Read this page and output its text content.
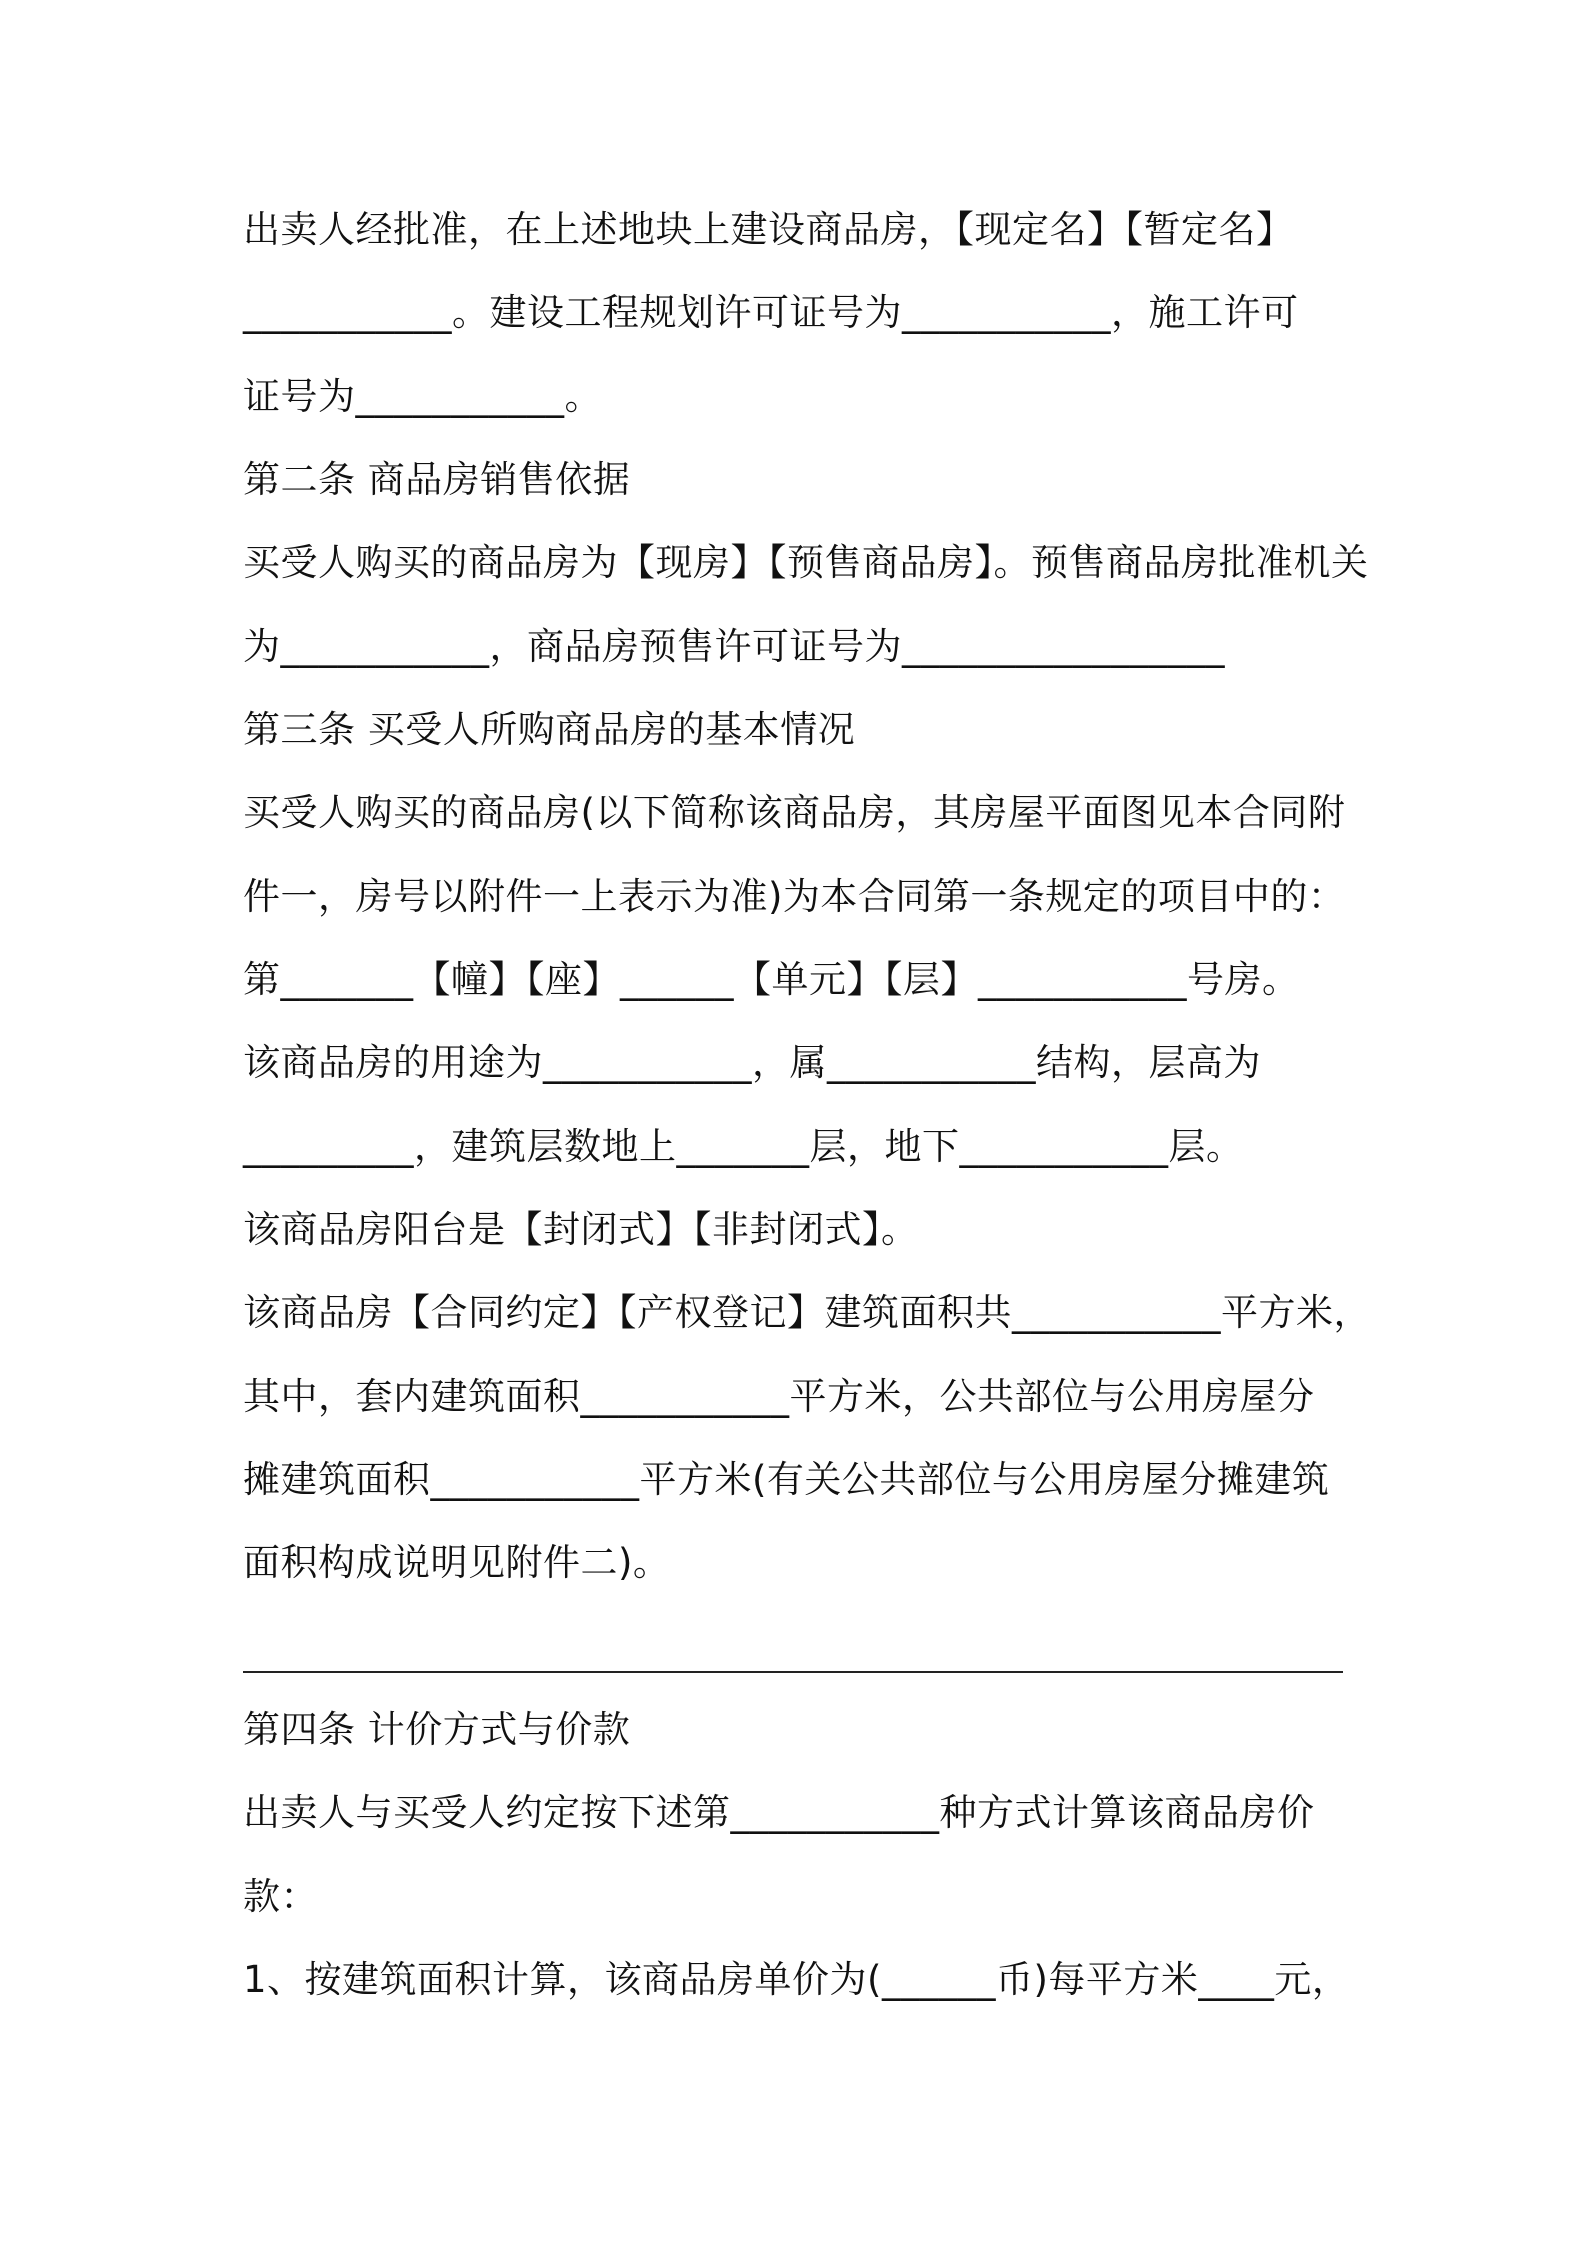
出卖人经批准，在上述地块上建设商品房，【现定名】【暂定名】

___________。建设工程规划许可证号为___________，施工许可

证号为___________。

第二条 商品房销售依据

买受人购买的商品房为【现房】【预售商品房】。预售商品房批准机关

为___________，商品房预售许可证号为_________________

第三条 买受人所购商品房的基本情况

买受人购买的商品房(以下简称该商品房，其房屋平面图见本合同附

件一，房号以附件一上表示为准)为本合同第一条规定的项目中的：

第_______【幢】【座】______【单元】【层】___________号房。

该商品房的用途为___________，属___________结构，层高为

_________，建筑层数地上_______层，地下___________层。

该商品房阳台是【封闭式】【非封闭式】。

该商品房【合同约定】【产权登记】建筑面积共___________平方米，

其中，套内建筑面积___________平方米，公共部位与公用房屋分

摊建筑面积___________平方米(有关公共部位与公用房屋分摊建筑

面积构成说明见附件二)。

第四条 计价方式与价款

出卖人与买受人约定按下述第___________种方式计算该商品房价

款：

1、按建筑面积计算，该商品房单价为(______币)每平方米____元，
